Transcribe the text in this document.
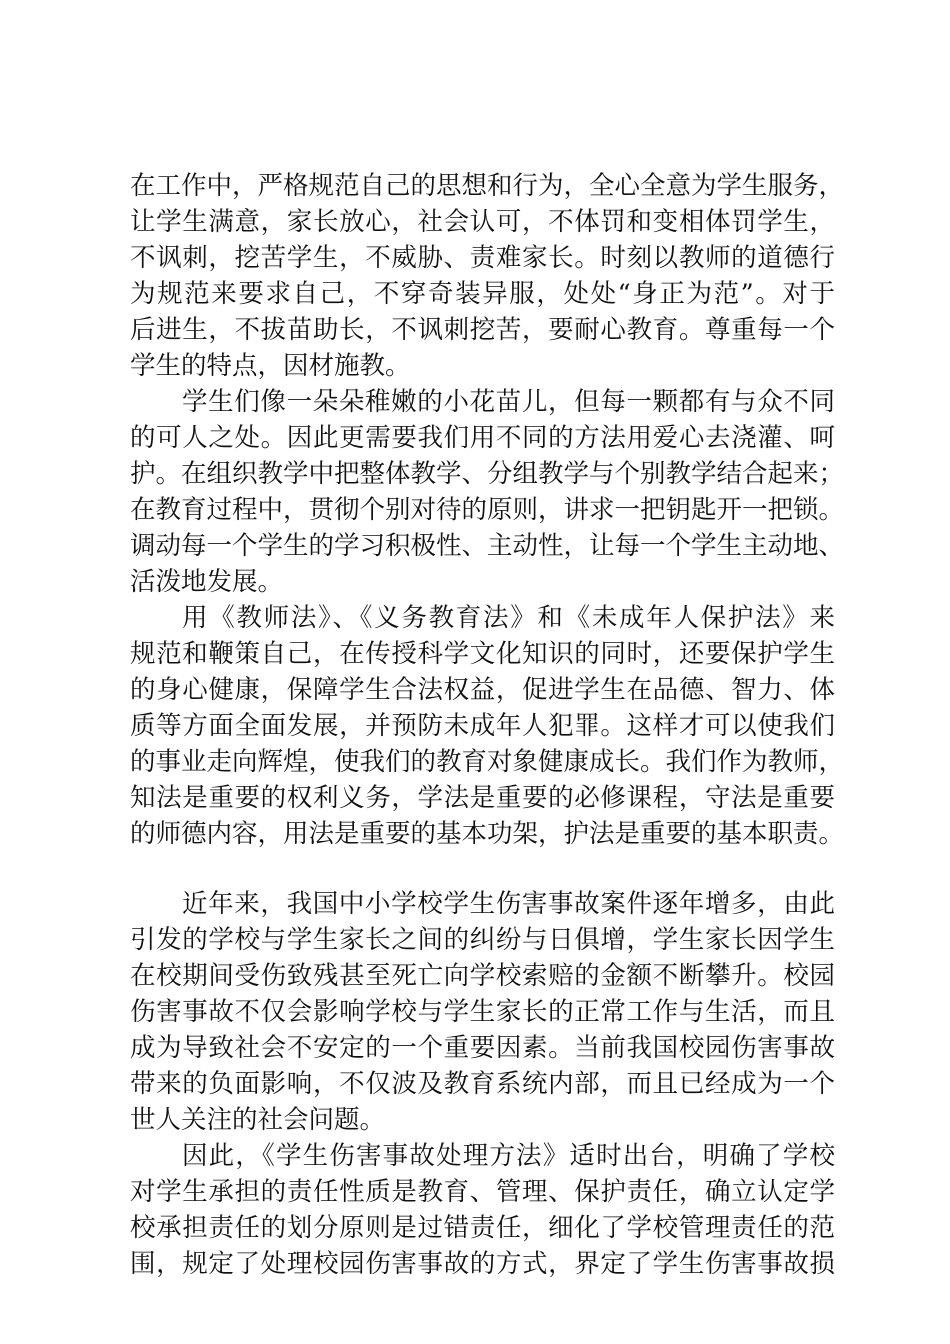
在工作中，严格规范自己的思想和行为，全心全意为学生服务，
让学生满意，家长放心，社会认可，不体罚和变相体罚学生，
不讽刺，挖苦学生，不威胁、责难家长。时刻以教师的道德行
为规范来要求自己，不穿奇装异服，处处“身正为范”。对于
后进生，不拔苗助长，不讽刺挖苦，要耐心教育。尊重每一个
学生的特点，因材施教。
学生们像一朵朵稚嫩的小花苗儿，但每一颗都有与众不同
的可人之处。因此更需要我们用不同的方法用爱心去浇灌、呵
护。在组织教学中把整体教学、分组教学与个别教学结合起来；
在教育过程中，贯彻个别对待的原则，讲求一把钥匙开一把锁。
调动每一个学生的学习积极性、主动性，让每一个学生主动地、
活泼地发展。
用《教师法》、《义务教育法》和《未成年人保护法》来
规范和鞭策自己，在传授科学文化知识的同时，还要保护学生
的身心健康，保障学生合法权益，促进学生在品德、智力、体
质等方面全面发展，并预防未成年人犯罪。这样才可以使我们
的事业走向辉煌，使我们的教育对象健康成长。我们作为教师，
知法是重要的权利义务，学法是重要的必修课程，守法是重要
的师德内容，用法是重要的基本功架，护法是重要的基本职责。
近年来，我国中小学校学生伤害事故案件逐年增多，由此
引发的学校与学生家长之间的纠纷与日俱增，学生家长因学生
在校期间受伤致残甚至死亡向学校索赔的金额不断攀升。校园
伤害事故不仅会影响学校与学生家长的正常工作与生活，而且
成为导致社会不安定的一个重要因素。当前我国校园伤害事故
带来的负面影响，不仅波及教育系统内部，而且已经成为一个
世人关注的社会问题。
因此，《学生伤害事故处理方法》适时出台，明确了学校
对学生承担的责任性质是教育、管理、保护责任，确立认定学
校承担责任的划分原则是过错责任，细化了学校管理责任的范
围，规定了处理校园伤害事故的方式，界定了学生伤害事故损
